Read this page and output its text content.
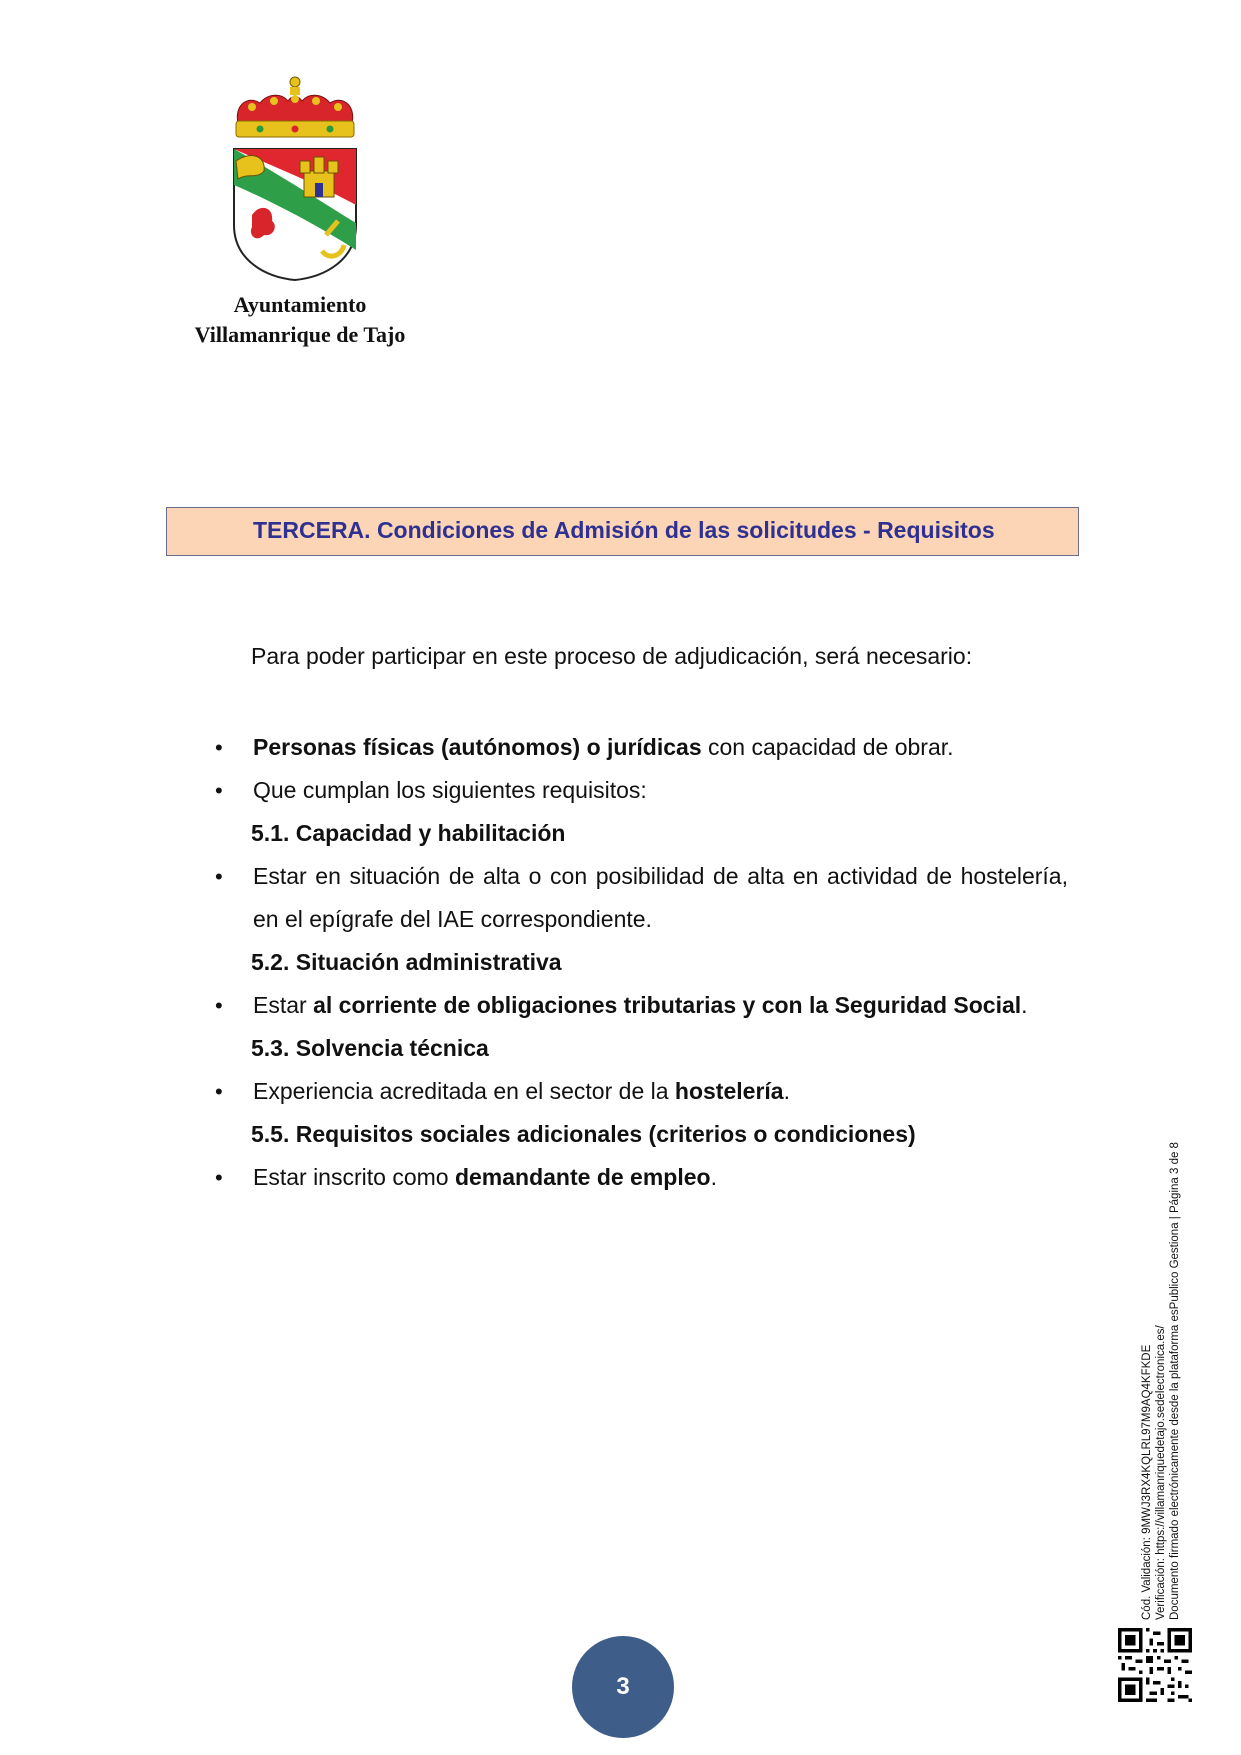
Ayuntamiento
Villamanrique de Tajo
TERCERA. Condiciones de Admisión de las solicitudes - Requisitos
Para poder participar en este proceso de adjudicación, será necesario:
• Personas físicas (autónomos) o jurídicas con capacidad de obrar.
• Que cumplan los siguientes requisitos:
5.1. Capacidad y habilitación
• Estar en situación de alta o con posibilidad de alta en actividad de hostelería, en el epígrafe del IAE correspondiente.
5.2. Situación administrativa
• Estar al corriente de obligaciones tributarias y con la Seguridad Social.
5.3. Solvencia técnica
• Experiencia acreditada en el sector de la hostelería.
5.5. Requisitos sociales adicionales (criterios o condiciones)
• Estar inscrito como demandante de empleo.
Cód. Validación: 9MWJ3RX4KQLRL97M9AQ4KFKDE Verificación: https://villamanriquedetajo.sedelectronica.es/ Documento firmado electrónicamente desde la plataforma esPublico Gestiona | Página 3 de 8
3
